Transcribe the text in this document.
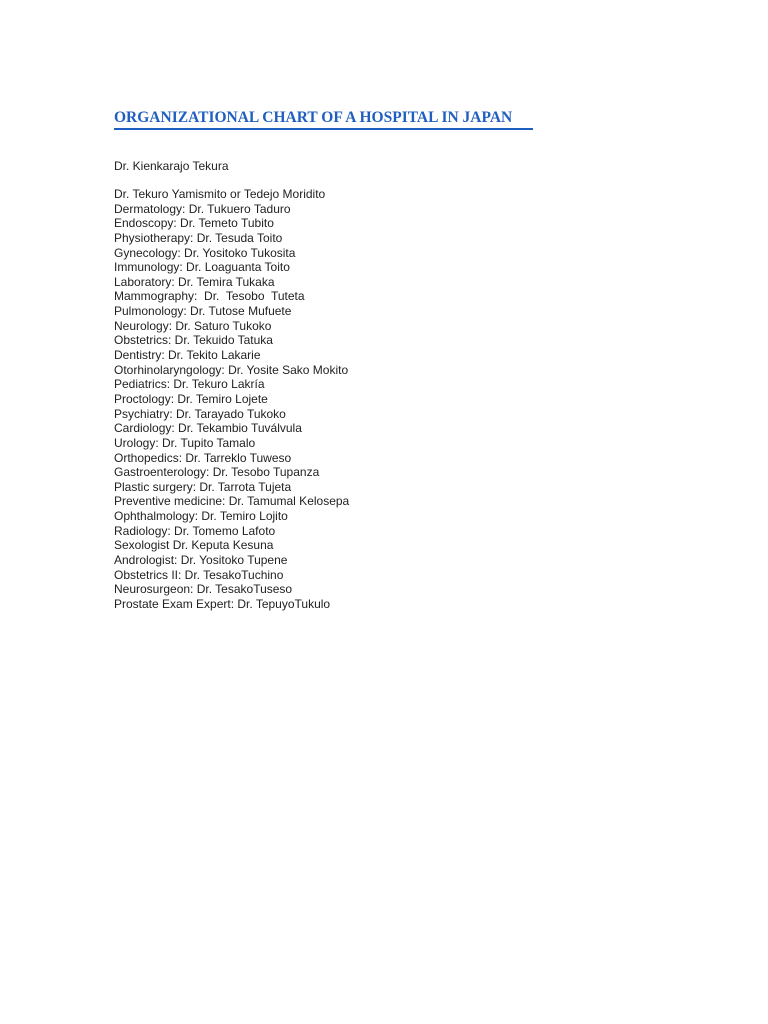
ORGANIZATIONAL CHART OF A HOSPITAL IN JAPAN

Dr. Kienkarajo Tekura

Dr. Tekuro Yamismito or Tedejo Moridito
Dermatology: Dr. Tukuero Taduro
Endoscopy: Dr. Temeto Tubito
Physiotherapy: Dr. Tesuda Toito
Gynecology: Dr. Yositoko Tukosita
Immunology: Dr. Loaguanta Toito
Laboratory: Dr. Temira Tukaka
Mammography:  Dr.  Tesobo  Tuteta
Pulmonology: Dr. Tutose Mufuete
Neurology: Dr. Saturo Tukoko
Obstetrics: Dr. Tekuido Tatuka
Dentistry: Dr. Tekito Lakarie
Otorhinolaryngology: Dr. Yosite Sako Mokito
Pediatrics: Dr. Tekuro Lakría
Proctology: Dr. Temiro Lojete
Psychiatry: Dr. Tarayado Tukoko
Cardiology: Dr. Tekambio Tuválvula
Urology: Dr. Tupito Tamalo
Orthopedics: Dr. Tarreklo Tuweso
Gastroenterology: Dr. Tesobo Tupanza
Plastic surgery: Dr. Tarrota Tujeta
Preventive medicine: Dr. Tamumal Kelosepa
Ophthalmology: Dr. Temiro Lojito
Radiology: Dr. Tomemo Lafoto
Sexologist Dr. Keputa Kesuna
Andrologist: Dr. Yositoko Tupene
Obstetrics II: Dr. TesakoTuchino
Neurosurgeon: Dr. TesakoTuseso
Prostate Exam Expert: Dr. TepuyoTukulo
